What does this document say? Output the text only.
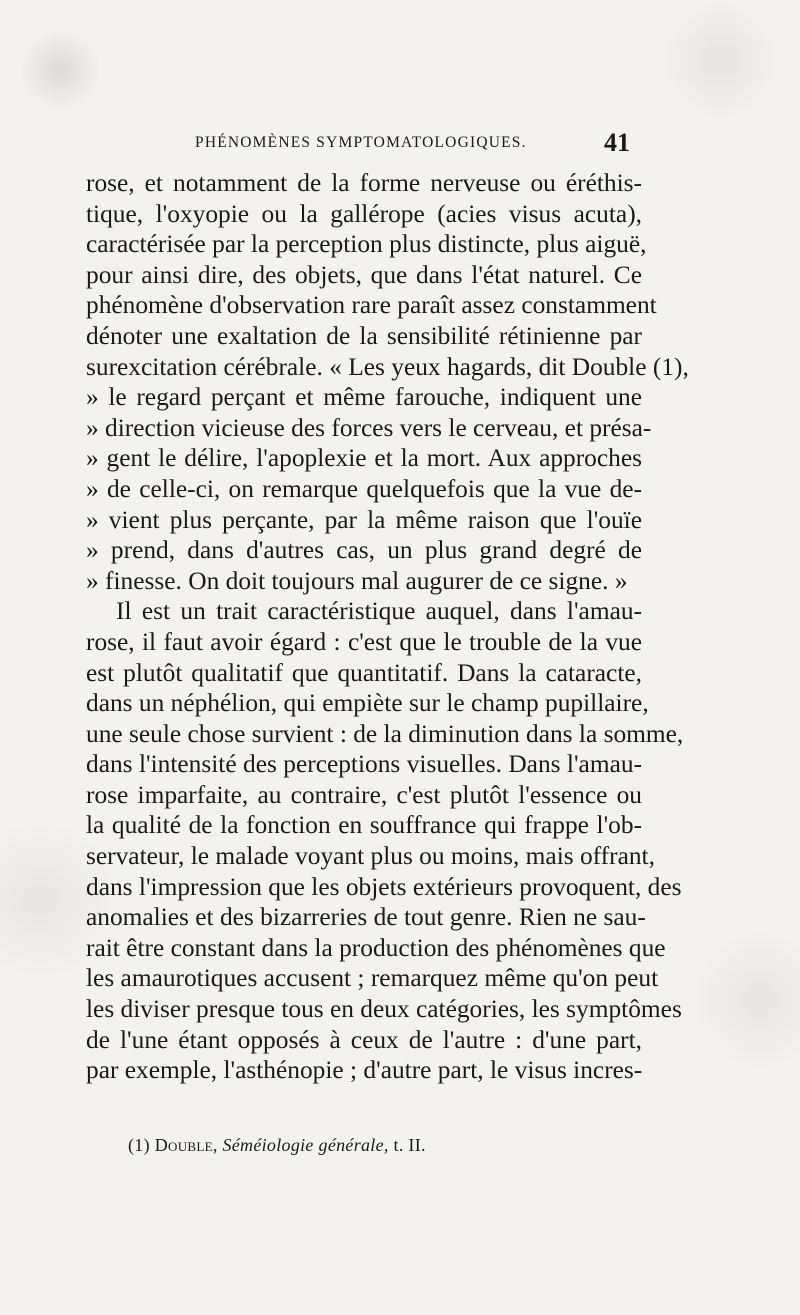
PHÉNOMÈNES SYMPTOMATOLOGIQUES.	41
rose, et notamment de la forme nerveuse ou éréthis-
tique, l'oxyopie ou la gallérope (acies visus acuta),
caractérisée par la perception plus distincte, plus aiguë,
pour ainsi dire, des objets, que dans l'état naturel. Ce
phénomène d'observation rare paraît assez constamment
dénoter une exaltation de la sensibilité rétinienne par
surexcitation cérébrale. « Les yeux hagards, dit Double (1),
» le regard perçant et même farouche, indiquent une
» direction vicieuse des forces vers le cerveau, et présa-
» gent le délire, l'apoplexie et la mort. Aux approches
» de celle-ci, on remarque quelquefois que la vue de-
» vient plus perçante, par la même raison que l'ouïe
» prend, dans d'autres cas, un plus grand degré de
» finesse. On doit toujours mal augurer de ce signe. »
Il est un trait caractéristique auquel, dans l'amau-
rose, il faut avoir égard : c'est que le trouble de la vue
est plutôt qualitatif que quantitatif. Dans la cataracte,
dans un néphélion, qui empiète sur le champ pupillaire,
une seule chose survient : de la diminution dans la somme,
dans l'intensité des perceptions visuelles. Dans l'amau-
rose imparfaite, au contraire, c'est plutôt l'essence ou
la qualité de la fonction en souffrance qui frappe l'ob-
servateur, le malade voyant plus ou moins, mais offrant,
dans l'impression que les objets extérieurs provoquent, des
anomalies et des bizarreries de tout genre. Rien ne sau-
rait être constant dans la production des phénomènes que
les amaurotiques accusent ; remarquez même qu'on peut
les diviser presque tous en deux catégories, les symptômes
de l'une étant opposés à ceux de l'autre : d'une part,
par exemple, l'asthénopie ; d'autre part, le visus incres-
(1) Double, Séméiologie générale, t. II.
